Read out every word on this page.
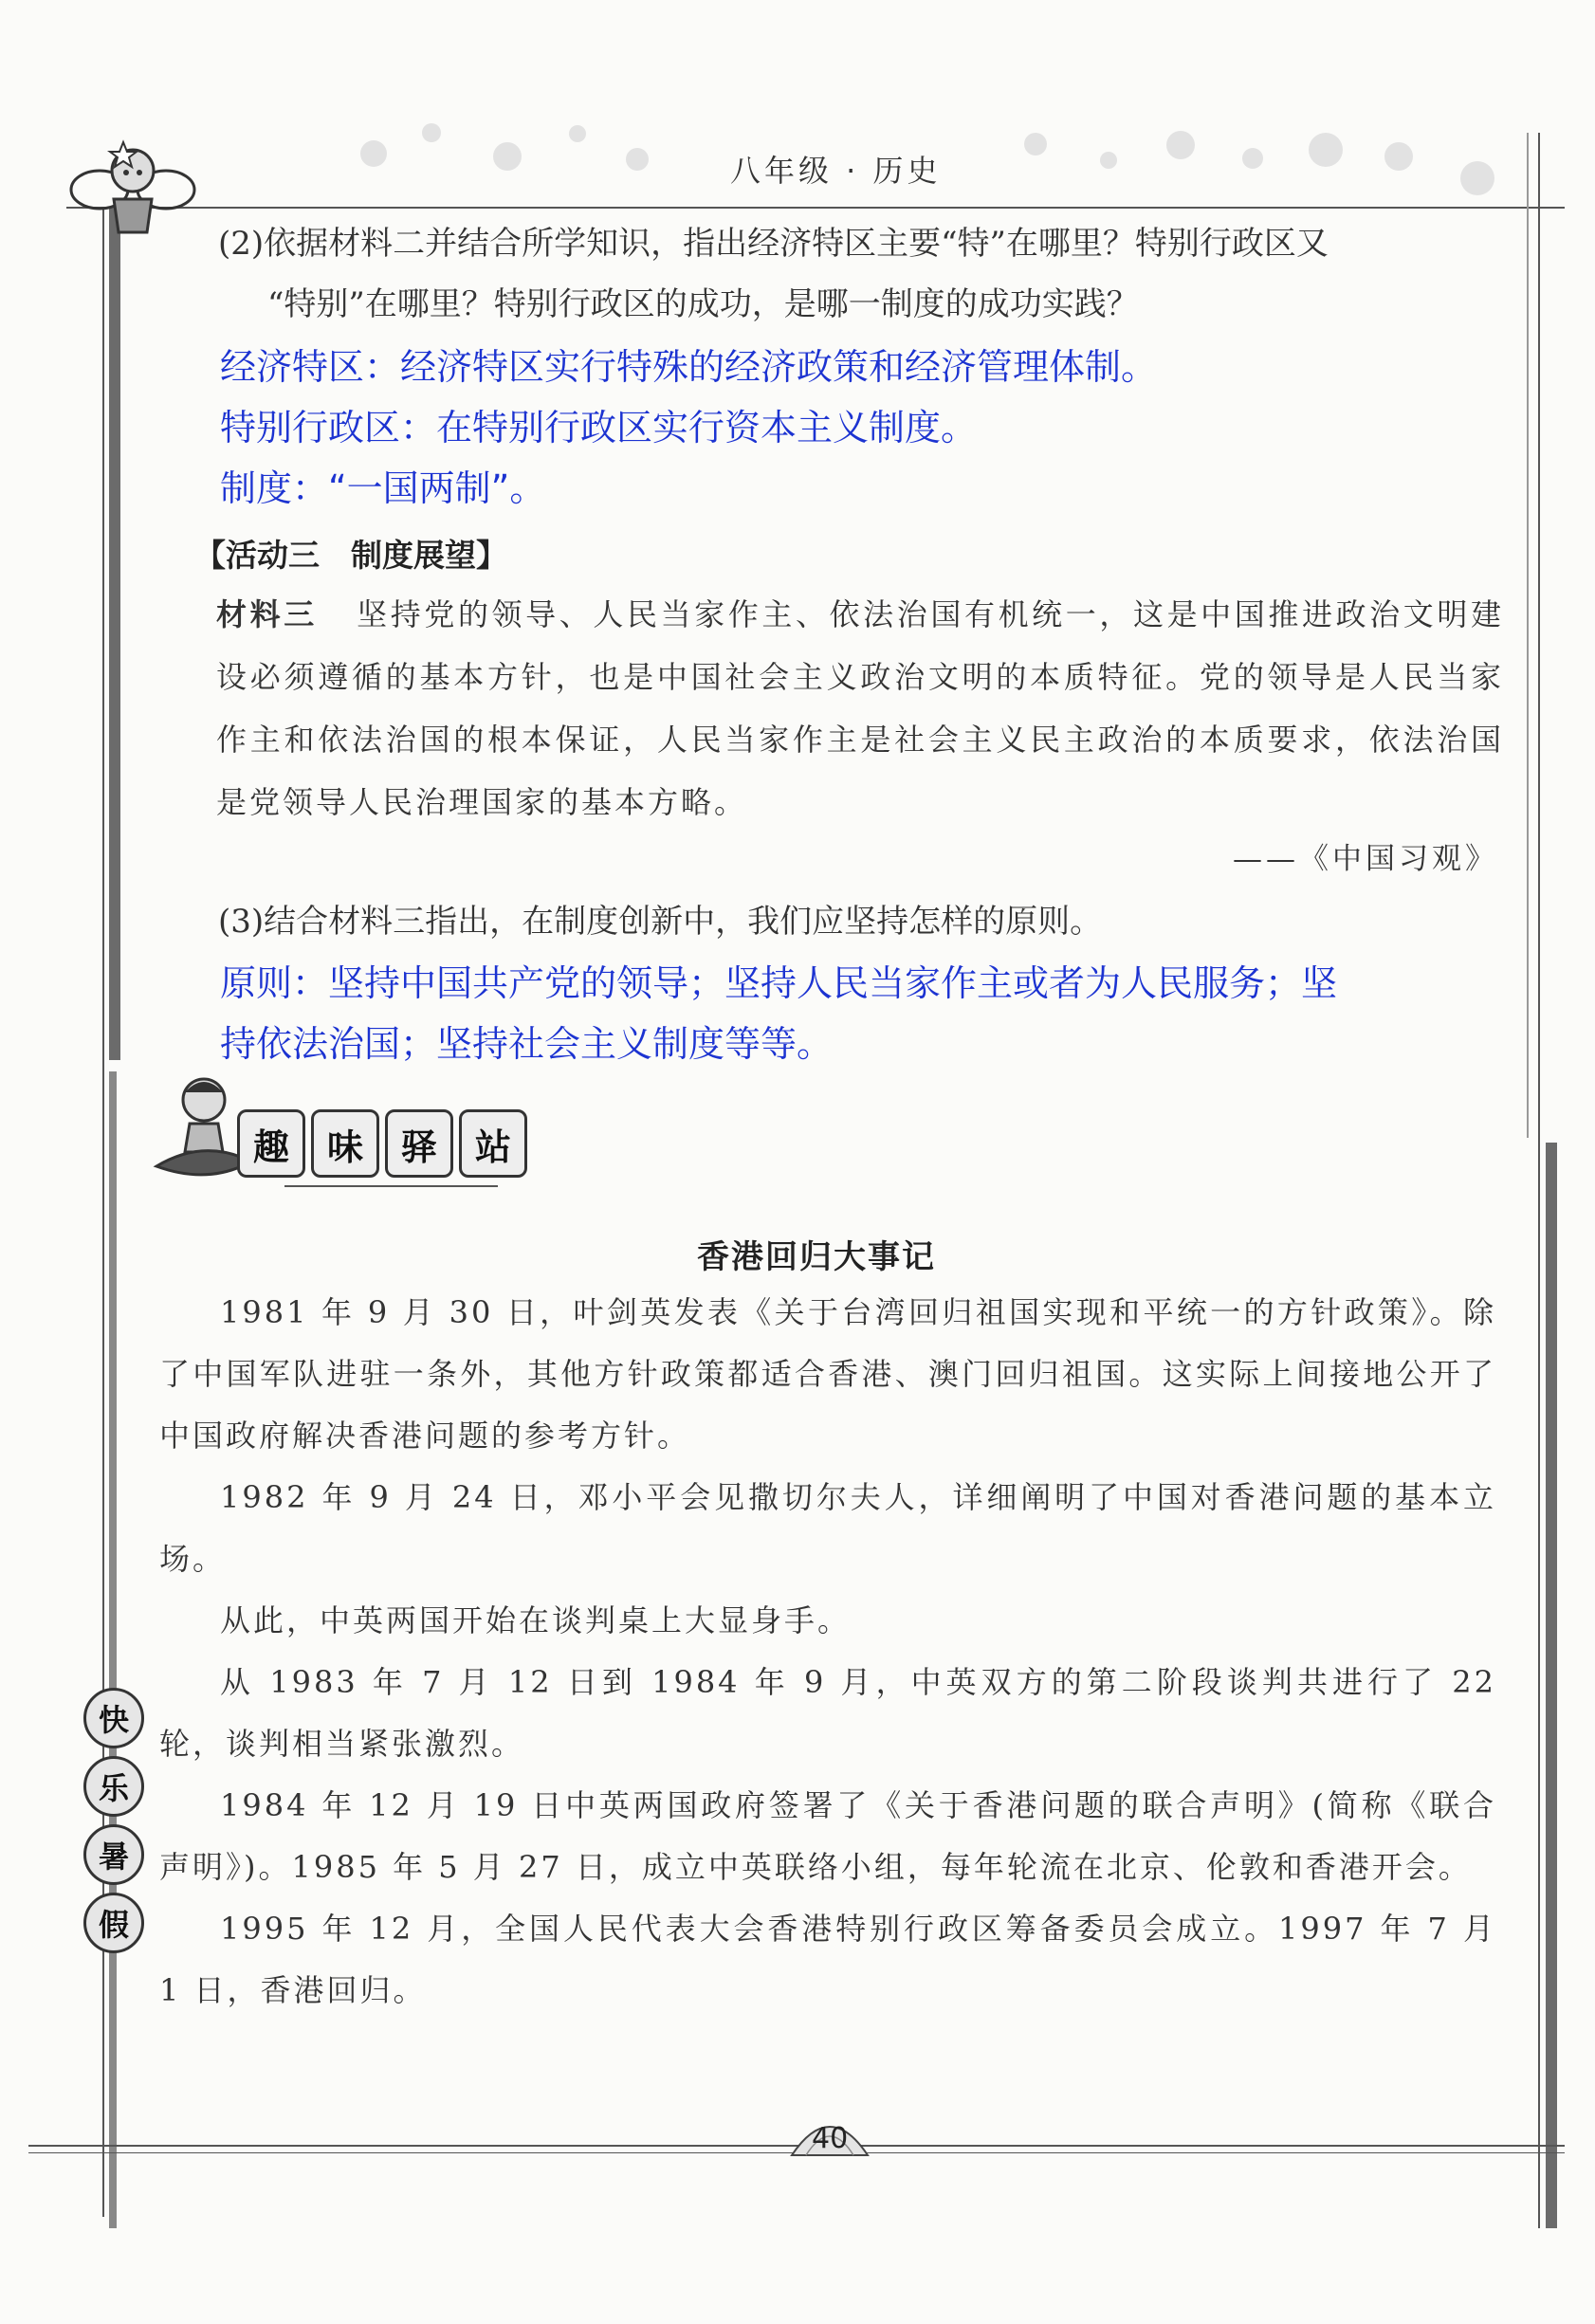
八年级 · 历史
(2)依据材料二并结合所学知识，指出经济特区主要“特”在哪里？特别行政区又
“特别”在哪里？特别行政区的成功，是哪一制度的成功实践？
经济特区：经济特区实行特殊的经济政策和经济管理体制。
特别行政区：在特别行政区实行资本主义制度。
制度：“一国两制”。
【活动三　制度展望】
材料三 坚持党的领导、人民当家作主、依法治国有机统一，这是中国推进政治文明建设必须遵循的基本方针，也是中国社会主义政治文明的本质特征。党的领导是人民当家作主和依法治国的根本保证，人民当家作主是社会主义民主政治的本质要求，依法治国是党领导人民治理国家的基本方略。
——《中国习观》
(3)结合材料三指出，在制度创新中，我们应坚持怎样的原则。
原则：坚持中国共产党的领导；坚持人民当家作主或者为人民服务；坚
持依法治国；坚持社会主义制度等等。
趣	味	驿	站
香港回归大事记

1981 年 9 月 30 日，叶剑英发表《关于台湾回归祖国实现和平统一的方针政策》。除了中国军队进驻一条外，其他方针政策都适合香港、澳门回归祖国。这实际上间接地公开了中国政府解决香港问题的参考方针。

1982 年 9 月 24 日，邓小平会见撒切尔夫人，详细阐明了中国对香港问题的基本立场。

从此，中英两国开始在谈判桌上大显身手。

从 1983 年 7 月 12 日到 1984 年 9 月，中英双方的第二阶段谈判共进行了 22 轮，谈判相当紧张激烈。

1984 年 12 月 19 日中英两国政府签署了《关于香港问题的联合声明》(简称《联合声明》)。1985 年 5 月 27 日，成立中英联络小组，每年轮流在北京、伦敦和香港开会。

1995 年 12 月，全国人民代表大会香港特别行政区筹备委员会成立。1997 年 7 月 1 日，香港回归。

快
乐
暑
假
40
